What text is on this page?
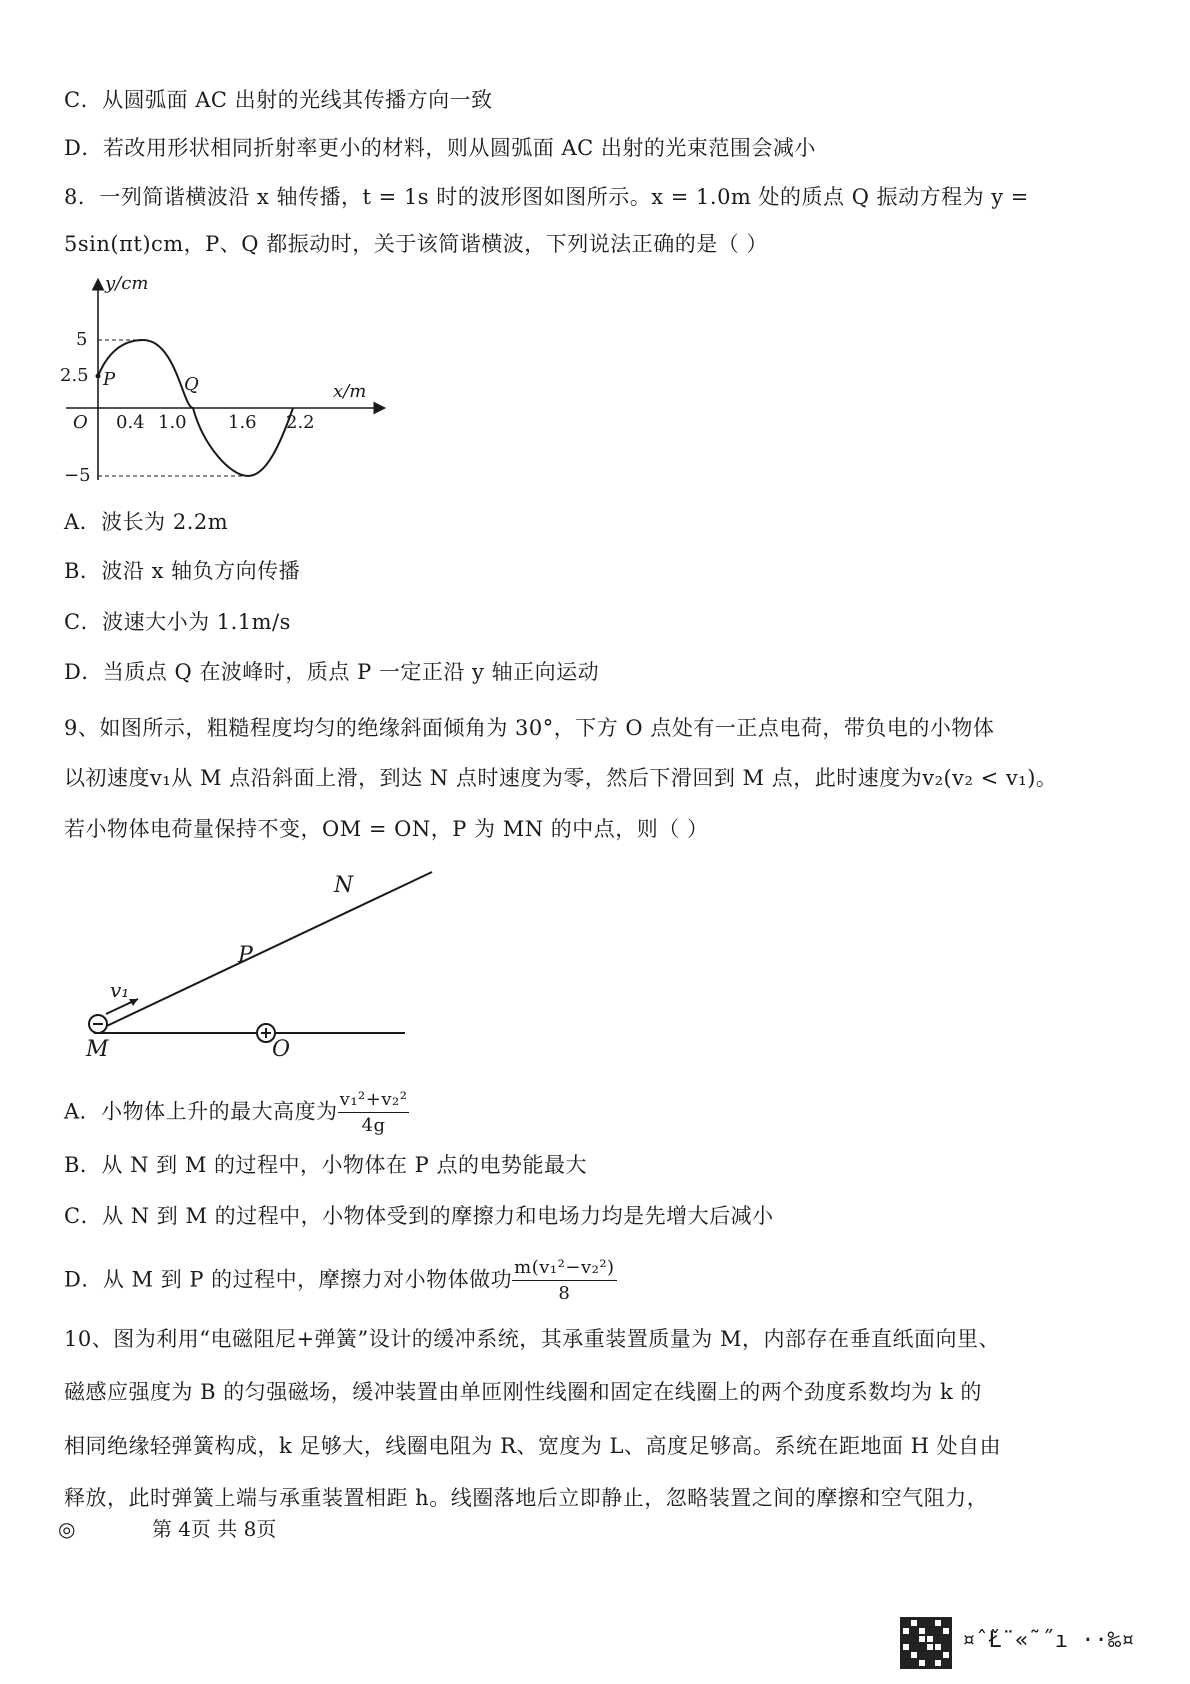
C．从圆弧面 AC 出射的光线其传播方向一致
D．若改用形状相同折射率更小的材料，则从圆弧面 AC 出射的光束范围会减小
8．一列简谐横波沿 x 轴传播，t = 1s 时的波形图如图所示。x = 1.0m 处的质点 Q 振动方程为 y =
5sin(πt)cm，P、Q 都振动时，关于该简谐横波，下列说法正确的是（ ）
y/cm
x/m
O
5
2.5
−5
0.4 1.0 1.6 2.2
P	Q
A．波长为 2.2m
B．波沿 x 轴负方向传播
C．波速大小为 1.1m/s
D．当质点 Q 在波峰时，质点 P 一定正沿 y 轴正向运动
9、如图所示，粗糙程度均匀的绝缘斜面倾角为 30°，下方 O 点处有一正点电荷，带负电的小物体
以初速度v₁从 M 点沿斜面上滑，到达 N 点时速度为零，然后下滑回到 M 点，此时速度为v₂(v₂ < v₁)。
若小物体电荷量保持不变，OM = ON，P 为 MN 的中点，则（ ）
N
P
v₁
M	O
A．小物体上升的最大高度为 $\frac{\text{v₁²+v₂²}}{4g}$
B．从 N 到 M 的过程中，小物体在 P 点的电势能最大
C．从 N 到 M 的过程中，小物体受到的摩擦力和电场力均是先增大后减小
D．从 M 到 P 的过程中，摩擦力对小物体做功 $\frac{\text{m(v₁²−v₂²)}}{8}$
10、图为利用“电磁阻尼+弹簧”设计的缓冲系统，其承重装置质量为 M，内部存在垂直纸面向里、
磁感应强度为 B 的匀强磁场，缓冲装置由单匝刚性线圈和固定在线圈上的两个劲度系数均为 k 的
相同绝缘轻弹簧构成，k 足够大，线圈电阻为 R、宽度为 L、高度足够高。系统在距地面 H 处自由
释放，此时弹簧上端与承重装置相距 h。线圈落地后立即静止，忽略装置之间的摩擦和空气阻力，
◎	第 4页 共 8页
¤ˆ̌Ł¨«˜˝ı ··‰¤
